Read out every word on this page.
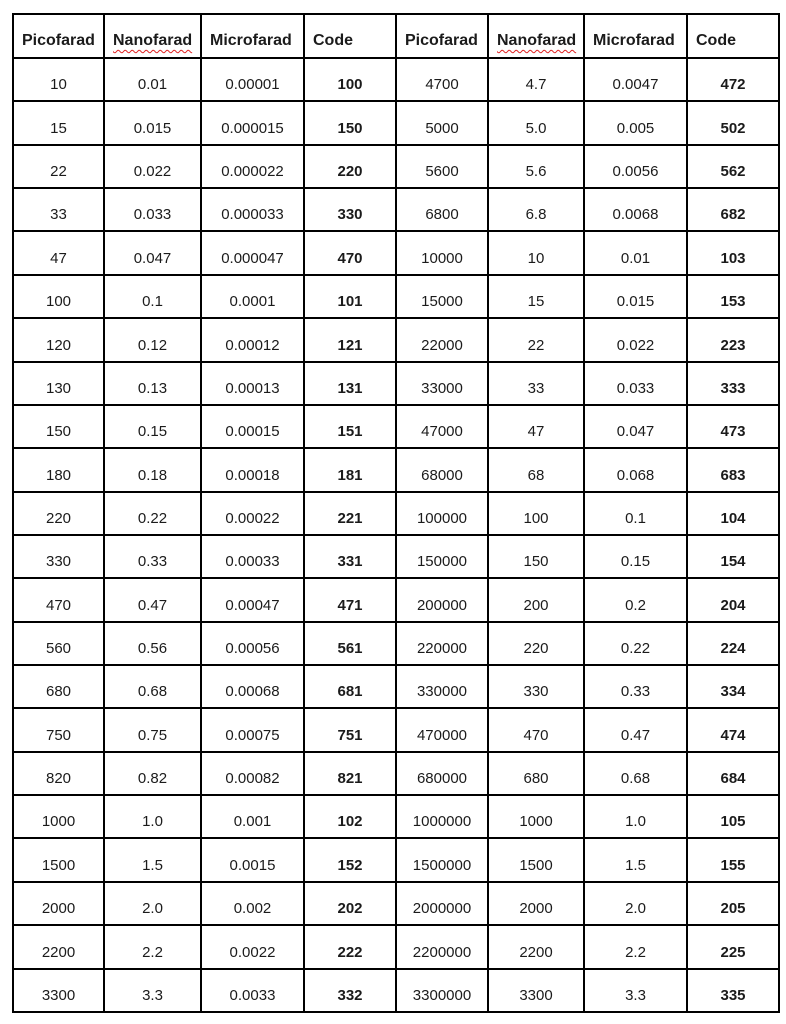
Picofarad	Nanofarad	Microfarad	Code	Picofarad	Nanofarad	Microfarad	Code
10	0.01	0.00001	100	4700	4.7	0.0047	472
15	0.015	0.000015	150	5000	5.0	0.005	502
22	0.022	0.000022	220	5600	5.6	0.0056	562
33	0.033	0.000033	330	6800	6.8	0.0068	682
47	0.047	0.000047	470	10000	10	0.01	103
100	0.1	0.0001	101	15000	15	0.015	153
120	0.12	0.00012	121	22000	22	0.022	223
130	0.13	0.00013	131	33000	33	0.033	333
150	0.15	0.00015	151	47000	47	0.047	473
180	0.18	0.00018	181	68000	68	0.068	683
220	0.22	0.00022	221	100000	100	0.1	104
330	0.33	0.00033	331	150000	150	0.15	154
470	0.47	0.00047	471	200000	200	0.2	204
560	0.56	0.00056	561	220000	220	0.22	224
680	0.68	0.00068	681	330000	330	0.33	334
750	0.75	0.00075	751	470000	470	0.47	474
820	0.82	0.00082	821	680000	680	0.68	684
1000	1.0	0.001	102	1000000	1000	1.0	105
1500	1.5	0.0015	152	1500000	1500	1.5	155
2000	2.0	0.002	202	2000000	2000	2.0	205
2200	2.2	0.0022	222	2200000	2200	2.2	225
3300	3.3	0.0033	332	3300000	3300	3.3	335
